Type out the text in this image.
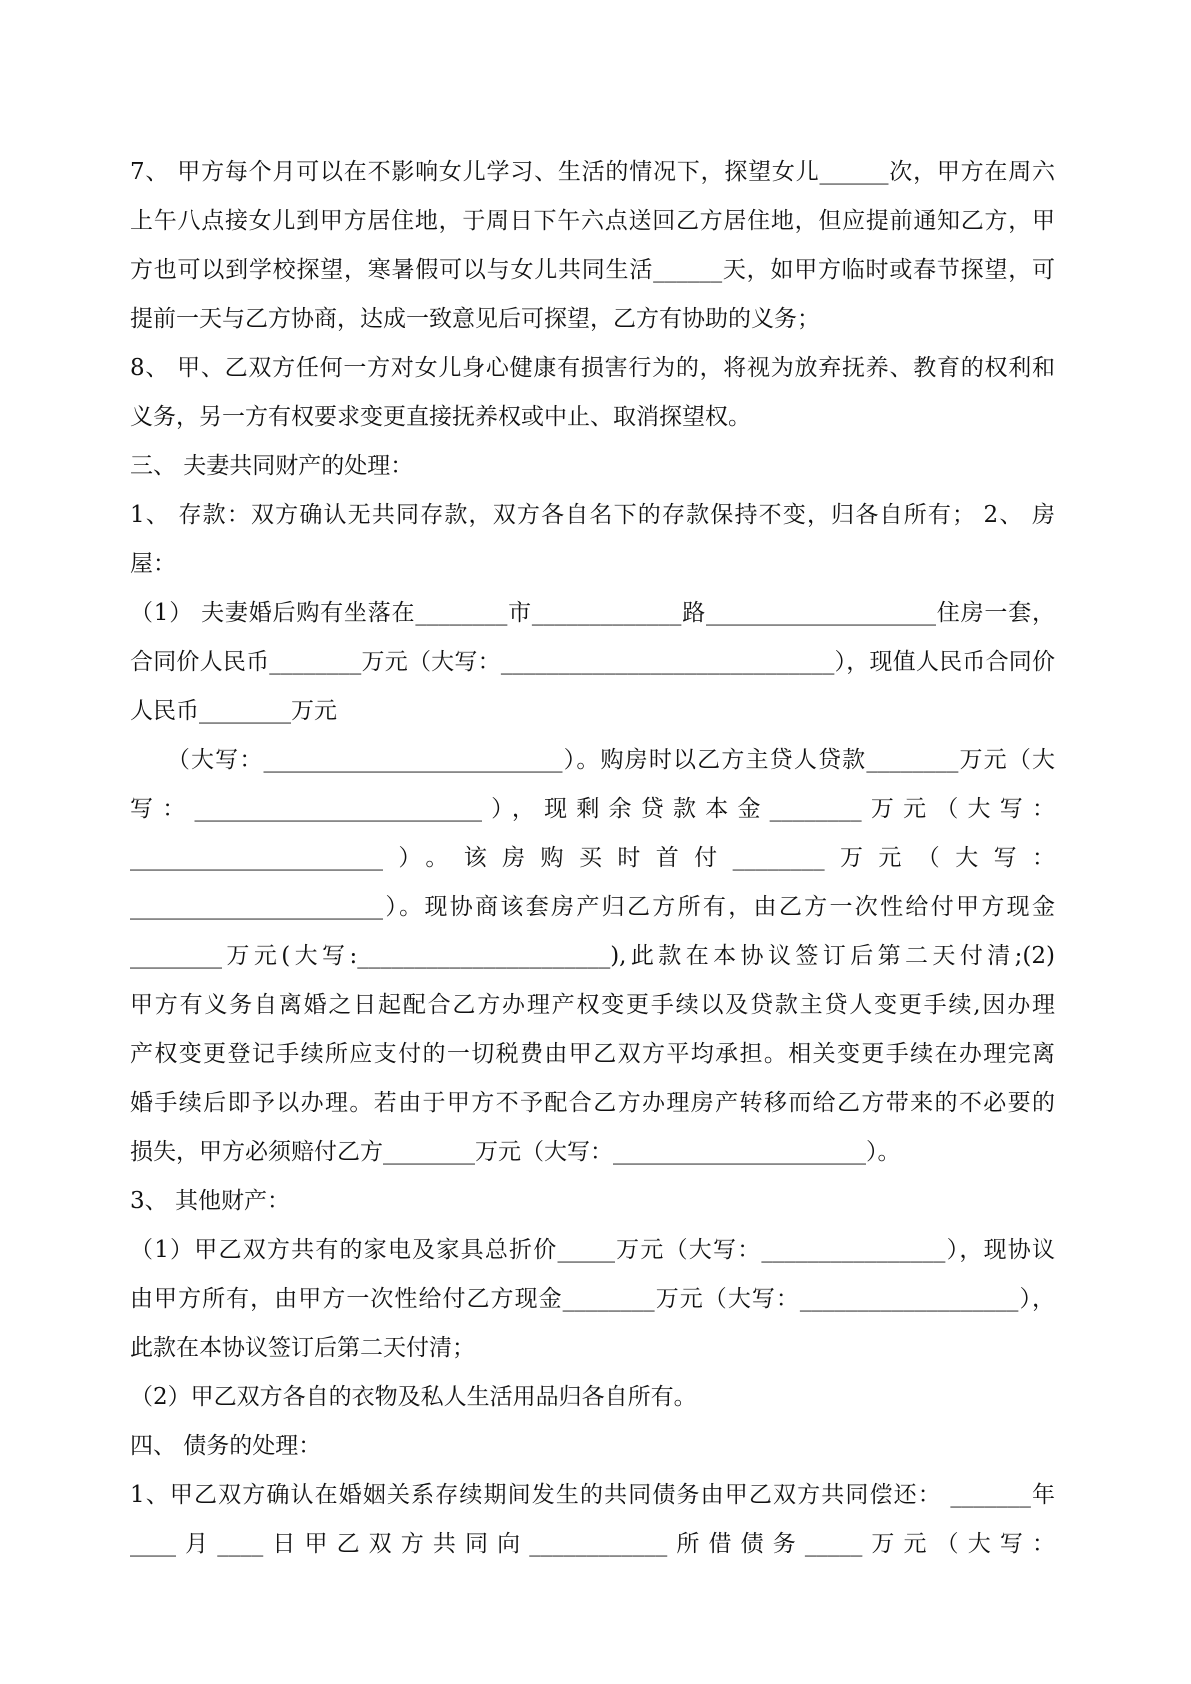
7、 甲方每个月可以在不影响女儿学习、生活的情况下，探望女儿______次，甲方在周六
上午八点接女儿到甲方居住地，于周日下午六点送回乙方居住地，但应提前通知乙方，甲
方也可以到学校探望，寒暑假可以与女儿共同生活______天，如甲方临时或春节探望，可
提前一天与乙方协商，达成一致意见后可探望，乙方有协助的义务；
8、 甲、乙双方任何一方对女儿身心健康有损害行为的，将视为放弃抚养、教育的权利和
义务，另一方有权要求变更直接抚养权或中止、取消探望权。
三、 夫妻共同财产的处理：
1、 存款：双方确认无共同存款，双方各自名下的存款保持不变，归各自所有； 2、 房
屋：
（1） 夫妻婚后购有坐落在________市_____________路____________________住房一套，
合同价人民币________万元（大写：_____________________________），现值人民币合同价
人民币________万元
　　（大写：__________________________）。购房时以乙方主贷人贷款________万元（大
写：_________________________），现剩余贷款本金________万元（大写：
______________________）。该房购买时首付________万元（大写：
______________________）。现协商该套房产归乙方所有，由乙方一次性给付甲方现金
________万元(大写:______________________),此款在本协议签订后第二天付清;(2)
甲方有义务自离婚之日起配合乙方办理产权变更手续以及贷款主贷人变更手续,因办理
产权变更登记手续所应支付的一切税费由甲乙双方平均承担。相关变更手续在办理完离
婚手续后即予以办理。若由于甲方不予配合乙方办理房产转移而给乙方带来的不必要的
损失，甲方必须赔付乙方________万元（大写：______________________）。
3、 其他财产：
（1）甲乙双方共有的家电及家具总折价_____万元（大写：________________），现协议
由甲方所有，由甲方一次性给付乙方现金________万元（大写：___________________），
此款在本协议签订后第二天付清；
（2）甲乙双方各自的衣物及私人生活用品归各自所有。
四、 债务的处理：
1、甲乙双方确认在婚姻关系存续期间发生的共同债务由甲乙双方共同偿还： _______年
____月____日甲乙双方共同向____________所借债务_____万元（大写：
